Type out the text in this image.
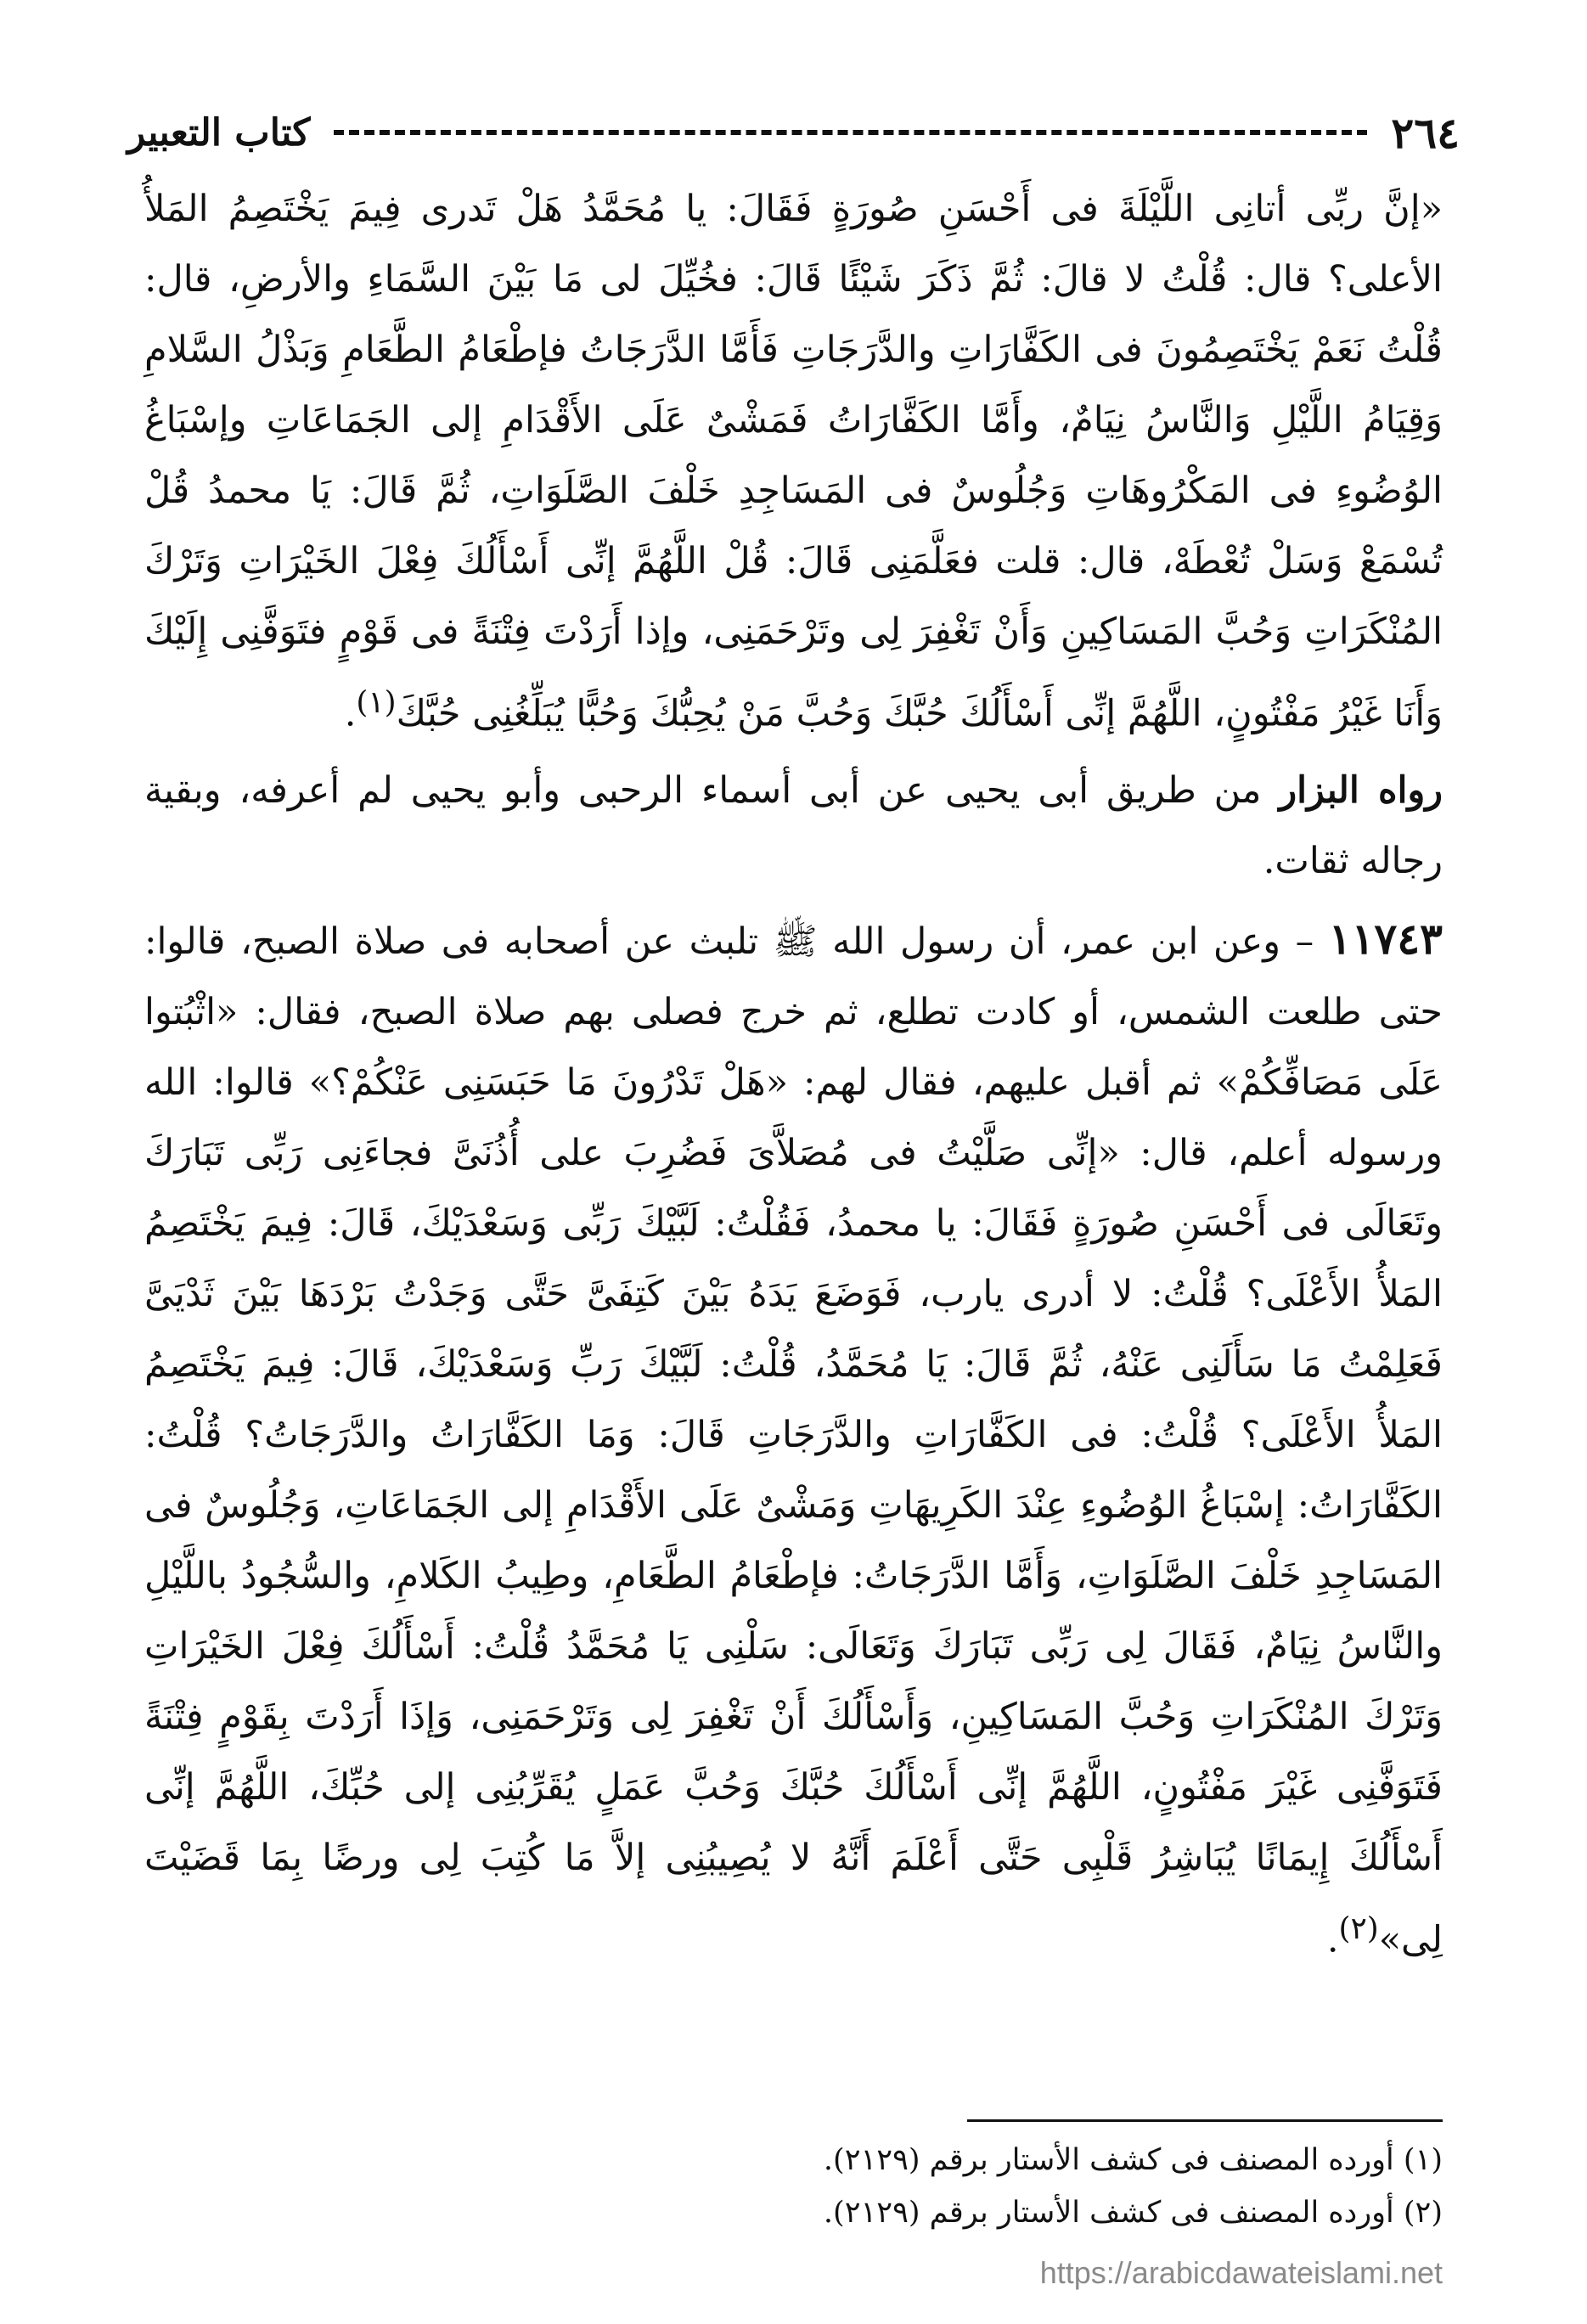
٢٦٤
كتاب التعبير

«إنَّ ربِّى أتانِى اللَّيْلَةَ فى أَحْسَنِ صُورَةٍ فَقَالَ: يا مُحَمَّدُ هَلْ تَدرى فِيمَ يَخْتَصِمُ المَلأُ الأعلى؟ قال: قُلْتُ لا قالَ: ثُمَّ ذَكَرَ شَيْئًا قَالَ: فخُيِّلَ لى مَا بَيْنَ السَّمَاءِ والأرضِ، قال: قُلْتُ نَعَمْ يَخْتَصِمُونَ فى الكَفَّارَاتِ والدَّرَجَاتِ فَأَمَّا الدَّرَجَاتُ فإطْعَامُ الطَّعَامِ وَبَذْلُ السَّلامِ وَقِيَامُ اللَّيْلِ وَالنَّاسُ نِيَامٌ، وأَمَّا الكَفَّارَاتُ فَمَشْىٌ عَلَى الأَقْدَامِ إلى الجَمَاعَاتِ وإسْبَاغُ الوُضُوءِ فى المَكْرُوهَاتِ وَجُلُوسٌ فى المَسَاجِدِ خَلْفَ الصَّلَوَاتِ، ثُمَّ قَالَ: يَا محمدُ قُلْ تُسْمَعْ وَسَلْ تُعْطَهْ، قال: قلت فعَلَّمَنِى قَالَ: قُلْ اللَّهُمَّ إنِّى أَسْأَلُكَ فِعْلَ الخَيْرَاتِ وَتَرْكَ المُنْكَرَاتِ وَحُبَّ المَسَاكِينِ وَأَنْ تَغْفِرَ لِى وتَرْحَمَنِى، وإذا أَرَدْتَ فِتْنَةً فى قَوْمٍ فتَوَفَّنِى إِلَيْكَ وَأَنَا غَيْرُ مَفْتُونٍ، اللَّهُمَّ إنِّى أَسْأَلُكَ حُبَّكَ وَحُبَّ مَنْ يُحِبُّكَ وَحُبًّا يُبَلِّغُنِى حُبَّكَ$^{(١)}$.

رواه البزار من طريق أبى يحيى عن أبى أسماء الرحبى وأبو يحيى لم أعرفه، وبقية رجاله ثقات.

١١٧٤٣ – وعن ابن عمر، أن رسول الله ﷺ تلبث عن أصحابه فى صلاة الصبح، قالوا: حتى طلعت الشمس، أو كادت تطلع، ثم خرج فصلى بهم صلاة الصبح، فقال: «اثْبُتوا عَلَى مَصَافِّكُمْ» ثم أقبل عليهم، فقال لهم: «هَلْ تَدْرُونَ مَا حَبَسَنِى عَنْكُمْ؟» قالوا: الله ورسوله أعلم، قال: «إنِّى صَلَّيْتُ فى مُصَلاَّىَ فَضُرِبَ على أُذُنَىَّ فجاءَنِى رَبِّى تَبَارَكَ وتَعَالَى فى أَحْسَنِ صُورَةٍ فَقَالَ: يا محمدُ، فَقُلْتُ: لَبَّيْكَ رَبِّى وَسَعْدَيْكَ، قَالَ: فِيمَ يَخْتَصِمُ المَلأُ الأَعْلَى؟ قُلْتُ: لا أدرى يارب، فَوَضَعَ يَدَهُ بَيْنَ كَتِفَىَّ حَتَّى وَجَدْتُ بَرْدَهَا بَيْنَ ثَدْيَىَّ فَعَلِمْتُ مَا سَأَلَنِى عَنْهُ، ثُمَّ قَالَ: يَا مُحَمَّدُ، قُلْتُ: لَبَّيْكَ رَبِّ وَسَعْدَيْكَ، قَالَ: فِيمَ يَخْتَصِمُ المَلأُ الأَعْلَى؟ قُلْتُ: فى الكَفَّارَاتِ والدَّرَجَاتِ قَالَ: وَمَا الكَفَّارَاتُ والدَّرَجَاتُ؟ قُلْتُ: الكَفَّارَاتُ: إسْبَاغُ الوُضُوءِ عِنْدَ الكَرِيهَاتِ وَمَشْىٌ عَلَى الأَقْدَامِ إلى الجَمَاعَاتِ، وَجُلُوسٌ فى المَسَاجِدِ خَلْفَ الصَّلَوَاتِ، وَأَمَّا الدَّرَجَاتُ: فإطْعَامُ الطَّعَامِ، وطِيبُ الكَلامِ، والسُّجُودُ باللَّيْلِ والنَّاسُ نِيَامٌ، فَقَالَ لِى رَبِّى تَبَارَكَ وَتَعَالَى: سَلْنِى يَا مُحَمَّدُ قُلْتُ: أَسْأَلُكَ فِعْلَ الخَيْرَاتِ وَتَرْكَ المُنْكَرَاتِ وَحُبَّ المَسَاكِينِ، وَأَسْأَلُكَ أَنْ تَغْفِرَ لِى وَتَرْحَمَنِى، وَإذَا أَرَدْتَ بِقَوْمٍ فِتْنَةً فَتَوَفَّنِى غَيْرَ مَفْتُونٍ، اللَّهُمَّ إنِّى أَسْأَلُكَ حُبَّكَ وَحُبَّ عَمَلٍ يُقَرِّبُنِى إلى حُبِّكَ، اللَّهُمَّ إنِّى أَسْأَلُكَ إِيمَانًا يُبَاشِرُ قَلْبِى حَتَّى أَعْلَمَ أَنَّهُ لا يُصِيبُنِى إلاَّ مَا كُتِبَ لِى ورضًا بِمَا قَضَيْتَ لِى»$^{(٢)}$.

(١) أورده المصنف فى كشف الأستار برقم (٢١٢٩).

(٢) أورده المصنف فى كشف الأستار برقم (٢١٢٩).

https://arabicdawateislami.net
